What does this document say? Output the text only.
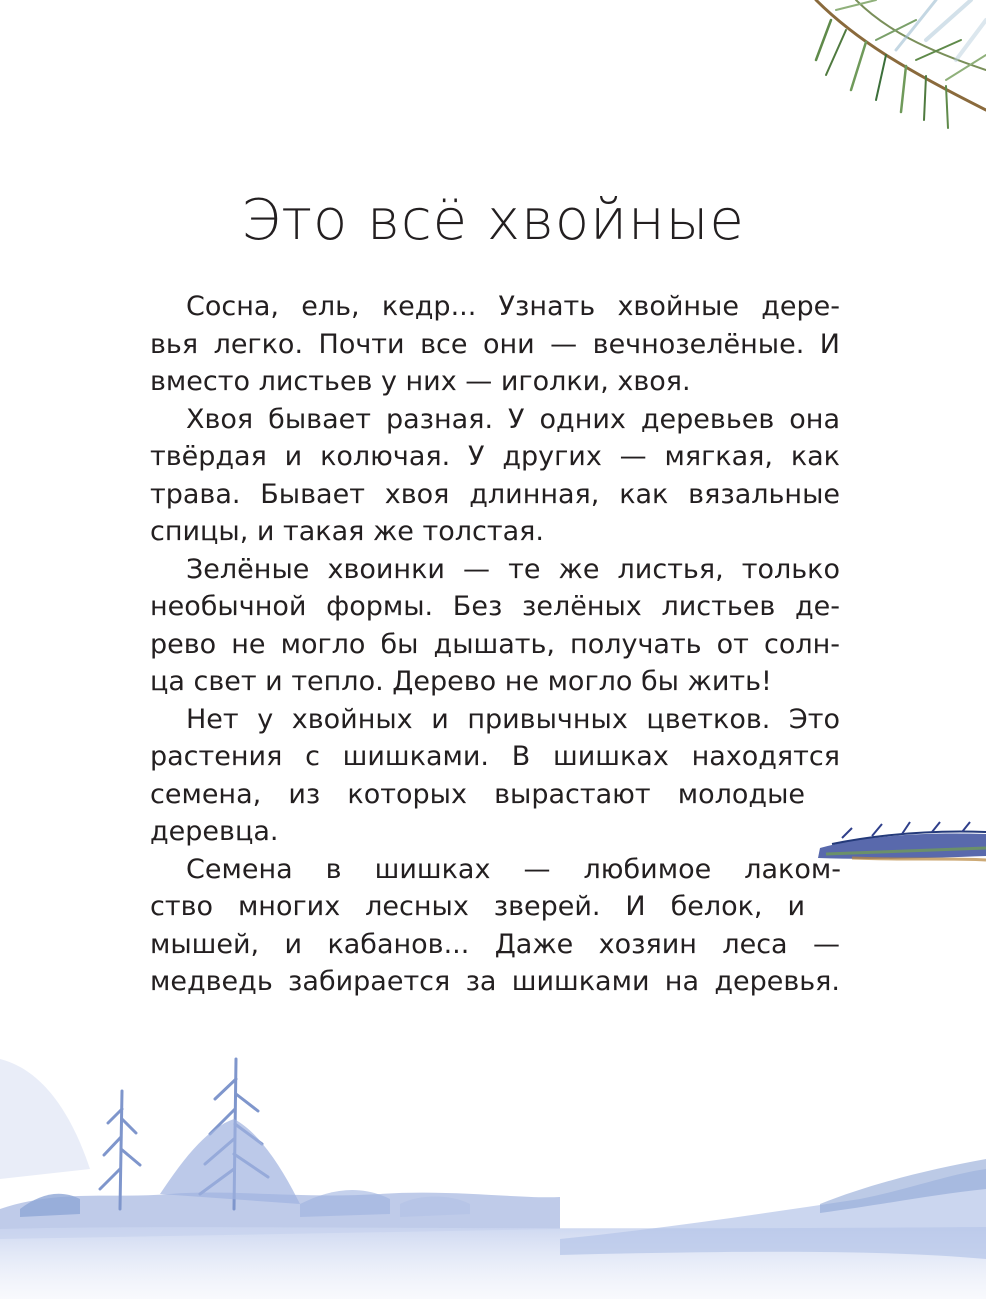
Это всё хвойные
Сосна, ель, кедр... Узнать хвойные дере-
вья легко. Почти все они — вечнозелёные. И
вместо листьев у них — иголки, хвоя.
Хвоя бывает разная. У одних деревьев она
твёрдая и колючая. У других — мягкая, как
трава. Бывает хвоя длинная, как вязальные
спицы, и такая же толстая.
Зелёные хвоинки — те же листья, только
необычной формы. Без зелёных листьев де-
рево не могло бы дышать, получать от солн-
ца свет и тепло. Дерево не могло бы жить!
Нет у хвойных и привычных цветков. Это
растения с шишками. В шишках находятся
семена, из которых вырастают молодые
деревца.
Семена в шишках — любимое лаком-
ство многих лесных зверей. И белок, и
мышей, и кабанов... Даже хозяин леса —
медведь забирается за шишками на деревья.
